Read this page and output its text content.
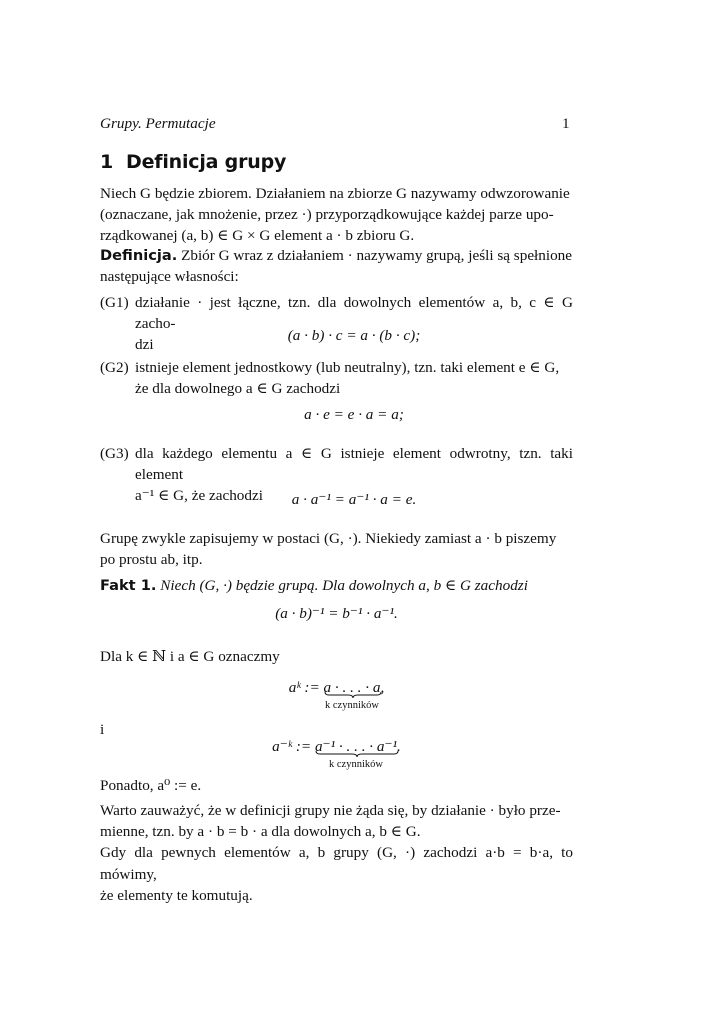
Grupy. Permutacje	1
1 Definicja grupy
Niech G będzie zbiorem. Działaniem na zbiorze G nazywamy odwzorowanie
(oznaczane, jak mnożenie, przez ·) przyporządkowujące każdej parze upo-
rządkowanej (a, b) ∈ G × G element a · b zbioru G.
Definicja. Zbiór G wraz z działaniem · nazywamy grupą, jeśli są spełnione
następujące własności:
(G1) działanie · jest łączne, tzn. dla dowolnych elementów a, b, c ∈ G zacho-
dzi
(a · b) · c = a · (b · c);
(G2) istnieje element jednostkowy (lub neutralny), tzn. taki element e ∈ G,
że dla dowolnego a ∈ G zachodzi
a · e = e · a = a;
(G3) dla każdego elementu a ∈ G istnieje element odwrotny, tzn. taki element
a⁻¹ ∈ G, że zachodzi	a · a⁻¹ = a⁻¹ · a = e.
Grupę zwykle zapisujemy w postaci (G, ·). Niekiedy zamiast a · b piszemy
po prostu ab, itp.
Fakt 1. Niech (G, ·) będzie grupą. Dla dowolnych a, b ∈ G zachodzi
(a · b)⁻¹ = b⁻¹ · a⁻¹.
Dla k ∈ ℕ i a ∈ G oznaczmy
aᵏ := a · . . . · a
k czynników
,
i
a⁻ᵏ := a⁻¹ · . . . · a⁻¹
k czynników
.
Ponadto, a⁰ := e.
Warto zauważyć, że w definicji grupy nie żąda się, by działanie · było prze-
mienne, tzn. by a · b = b · a dla dowolnych a, b ∈ G.
Gdy dla pewnych elementów a, b grupy (G, ·) zachodzi a·b = b·a, to mówimy,
że elementy te komutują.
